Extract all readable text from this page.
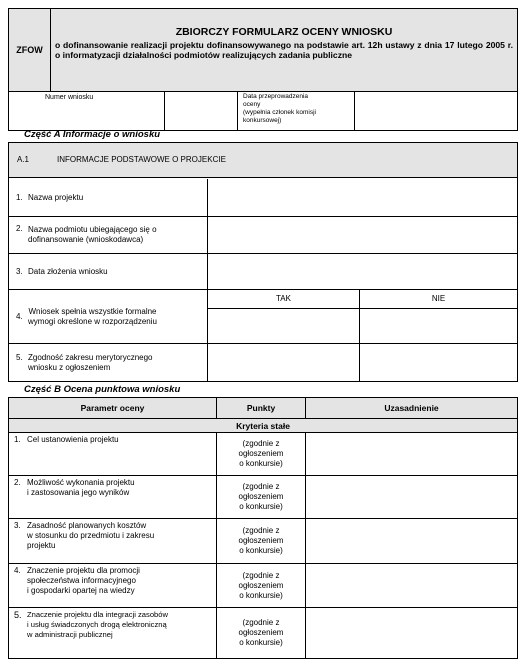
ZFOW
ZBIORCZY FORMULARZ OCENY WNIOSKU
o dofinansowanie realizacji projektu dofinansowywanego na podstawie art. 12h ustawy z dnia 17 lutego 2005 r. o informatyzacji działalności podmiotów realizujących zadania publiczne
Numer wniosku	Data przeprowadzenia
oceny
(wypełnia członek komisji
konkursowej)
Część A Informacje o wniosku
A.1	INFORMACJE PODSTAWOWE O PROJEKCIE
1. Nazwa projektu
2. Nazwa podmiotu ubiegającego się o
dofinansowanie (wnioskodawca)
3. Data złożenia wniosku
TAK	NIE
4.
Wniosek spełnia wszystkie formalne
wymogi określone w rozporządzeniu
5. Zgodność zakresu merytorycznego
wniosku z ogłoszeniem
Część B Ocena punktowa wniosku
Parametr oceny	Punkty	Uzasadnienie
Kryteria stałe
1. Cel ustanowienia projektu	(zgodnie z
ogłoszeniem
o konkursie)
2. Możliwość wykonania projektu
i zastosowania jego wyników
(zgodnie z
ogłoszeniem
o konkursie)
3. Zasadność planowanych kosztów
w stosunku do przedmiotu i zakresu
projektu
(zgodnie z
ogłoszeniem
o konkursie)
4. Znaczenie projektu dla promocji
społeczeństwa informacyjnego
i gospodarki opartej na wiedzy
(zgodnie z
ogłoszeniem
o konkursie)
5. Znaczenie projektu dla integracji zasobów
i usług świadczonych drogą elektroniczną
w administracji publicznej
(zgodnie z
ogłoszeniem
o konkursie)
